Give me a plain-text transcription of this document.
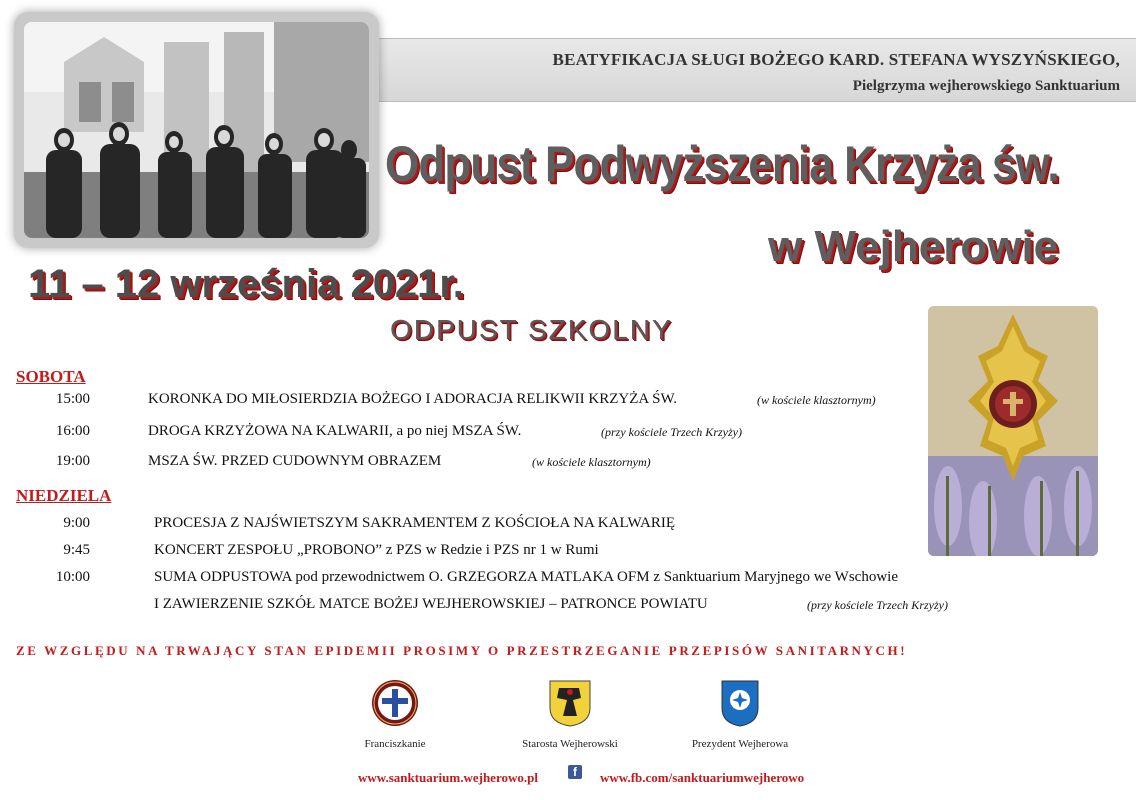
BEATYFIKACJA SŁUGI BOŻEGO KARD. STEFANA WYSZYŃSKIEGO,
Pielgrzyma wejherowskiego Sanktuarium
Odpust Podwyższenia Krzyża św.
w Wejherowie
11 – 12 września 2021r.
ODPUST SZKOLNY
SOBOTA
15:00	KORONKA DO MIŁOSIERDZIA BOŻEGO I ADORACJA RELIKWII KRZYŻA ŚW.	(w kościele klasztornym)
16:00	DROGA KRZYŻOWA NA KALWARII, a po niej MSZA ŚW.	(przy kościele Trzech Krzyży)
19:00	MSZA ŚW. PRZED CUDOWNYM OBRAZEM	(w kościele klasztornym)
NIEDZIELA
9:00	PROCESJA Z NAJŚWIETSZYM SAKRAMENTEM Z KOŚCIOŁA NA KALWARIĘ
9:45	KONCERT ZESPOŁU „PROBONO” z PZS w Redzie i PZS nr 1 w Rumi
10:00	SUMA ODPUSTOWA pod przewodnictwem O. GRZEGORZA MATLAKA OFM z Sanktuarium Maryjnego we Wschowie
I ZAWIERZENIE SZKÓŁ MATCE BOŻEJ WEJHEROWSKIEJ – PATRONCE POWIATU	(przy kościele Trzech Krzyży)
ZE WZGLĘDU NA TRWAJĄCY STAN EPIDEMII PROSIMY O PRZESTRZEGANIE PRZEPISÓW SANITARNYCH!
Franciszkanie	Starosta Wejherowski	Prezydent Wejherowa
www.sanktuarium.wejherowo.pl	f	www.fb.com/sanktuariumwejherowo
